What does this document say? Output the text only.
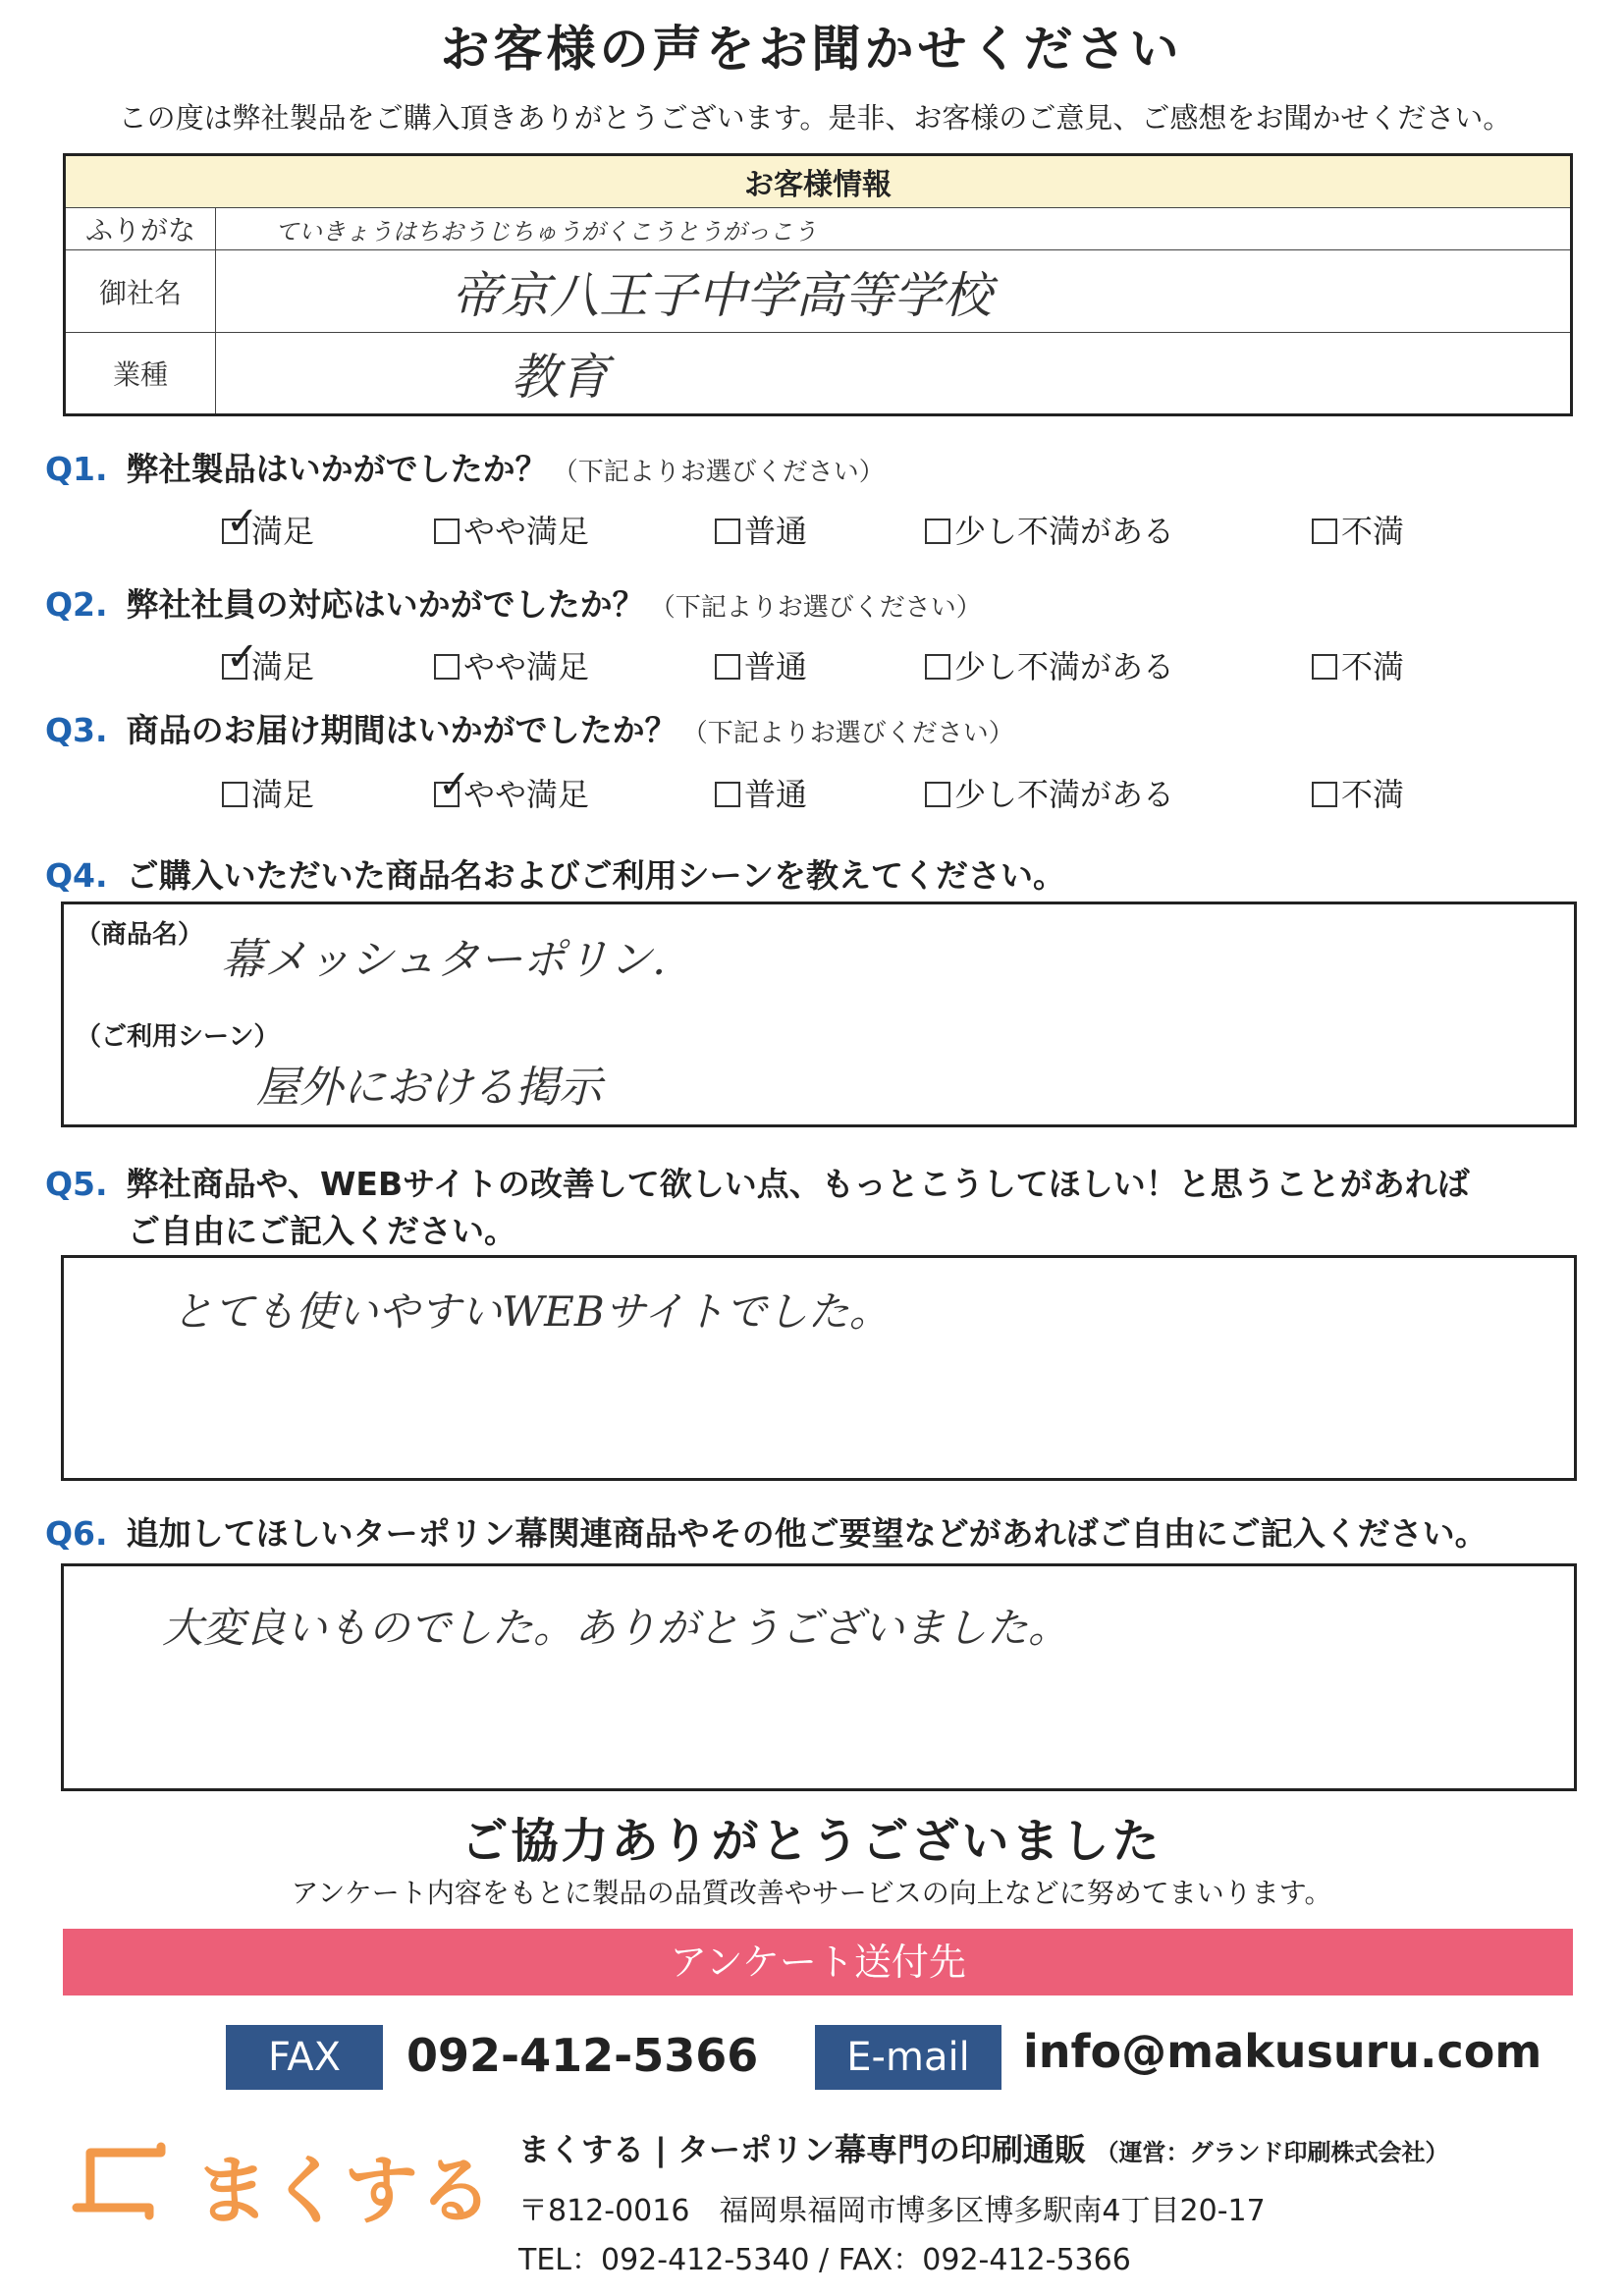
お客様の声をお聞かせください
この度は弊社製品をご購入頂きありがとうございます。是非、お客様のご意見、ご感想をお聞かせください。
お客様情報	
ふりがな	ていきょうはちおうじちゅうがくこうとうがっこう
御社名	帝京八王子中学高等学校
業種	教育
Q1. 弊社製品はいかがでしたか？ （下記よりお選びください）
✓
満足	やや満足	普通	少し不満がある	不満
Q2. 弊社社員の対応はいかがでしたか？ （下記よりお選びください）
✓
満足	やや満足	普通	少し不満がある	不満
Q3. 商品のお届け期間はいかがでしたか？ （下記よりお選びください）
満足	✓
やや満足	普通	少し不満がある	不満
Q4. ご購入いただいた商品名およびご利用シーンを教えてください。
（商品名） 幕メッシュターポリン.
（ご利用シーン）
屋外における掲示
Q5. 弊社商品や、WEBサイトの改善して欲しい点、もっとこうしてほしい！と思うことがあれば
ご自由にご記入ください。
とても使いやすいWEBサイトでした。
Q6. 追加してほしいターポリン幕関連商品やその他ご要望などがあればご自由にご記入ください。
大変良いものでした。ありがとうございました。
ご協力ありがとうございました
アンケート内容をもとに製品の品質改善やサービスの向上などに努めてまいります。
アンケート送付先
FAX	092-412-5366	E-mail	info@makusuru.com
まくする まくする | ターポリン幕専門の印刷通販 （運営：グランド印刷株式会社）
〒812-0016　福岡県福岡市博多区博多駅南4丁目20-17
TEL：092-412-5340 / FAX：092-412-5366
